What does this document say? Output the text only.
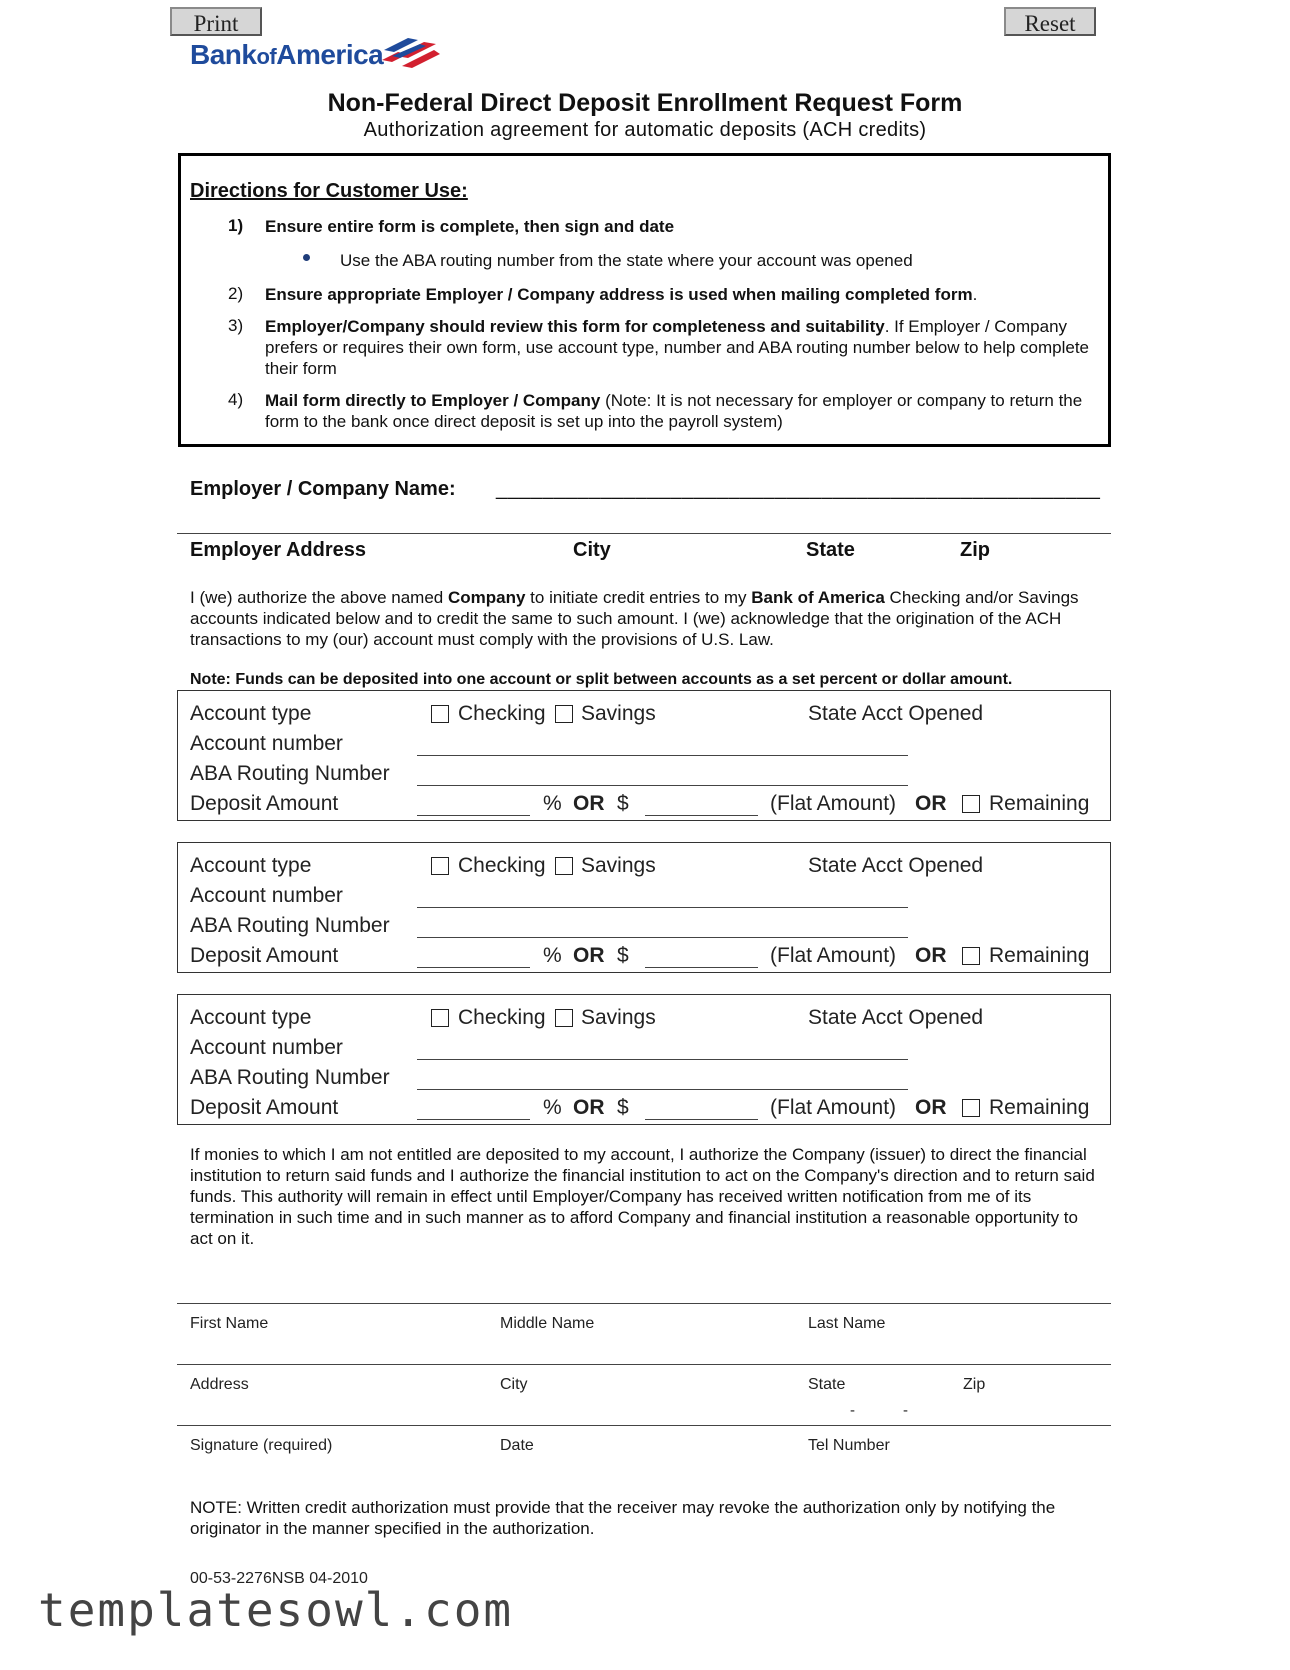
Print	Reset
BankofAmerica
Non-Federal Direct Deposit Enrollment Request Form
Authorization agreement for automatic deposits (ACH credits)
Directions for Customer Use:
1) Ensure entire form is complete, then sign and date
Use the ABA routing number from the state where your account was opened
2) Ensure appropriate Employer / Company address is used when mailing completed form.
3) Employer/Company should review this form for completeness and suitability. If Employer / Company prefers or requires their own form, use account type, number and ABA routing number below to help complete their form
4) Mail form directly to Employer / Company (Note: It is not necessary for employer or company to return the form to the bank once direct deposit is set up into the payroll system)
Employer / Company Name: ____________________________________________________
Employer Address	City	State	Zip
I (we) authorize the above named Company to initiate credit entries to my Bank of America Checking and/or Savings accounts indicated below and to credit the same to such amount. I (we) acknowledge that the origination of the ACH transactions to my (our) account must comply with the provisions of U.S. Law.
Note: Funds can be deposited into one account or split between accounts as a set percent or dollar amount.
Account type	Checking Savings	State Acct Opened
Account number
ABA Routing Number
Deposit Amount	% OR $	(Flat Amount) OR Remaining
Account type	Checking Savings	State Acct Opened
Account number
ABA Routing Number
Deposit Amount	% OR $	(Flat Amount) OR Remaining
Account type	Checking Savings	State Acct Opened
Account number
ABA Routing Number
Deposit Amount	% OR $	(Flat Amount) OR Remaining
If monies to which I am not entitled are deposited to my account, I authorize the Company (issuer) to direct the financial institution to return said funds and I authorize the financial institution to act on the Company's direction and to return said funds. This authority will remain in effect until Employer/Company has received written notification from me of its termination in such time and in such manner as to afford Company and financial institution a reasonable opportunity to act on it.
First Name	Middle Name	Last Name
Address	City	State	Zip
-	-
Signature (required)	Date	Tel Number
NOTE: Written credit authorization must provide that the receiver may revoke the authorization only by notifying the originator in the manner specified in the authorization.
00-53-2276NSB 04-2010
templatesowl.com
